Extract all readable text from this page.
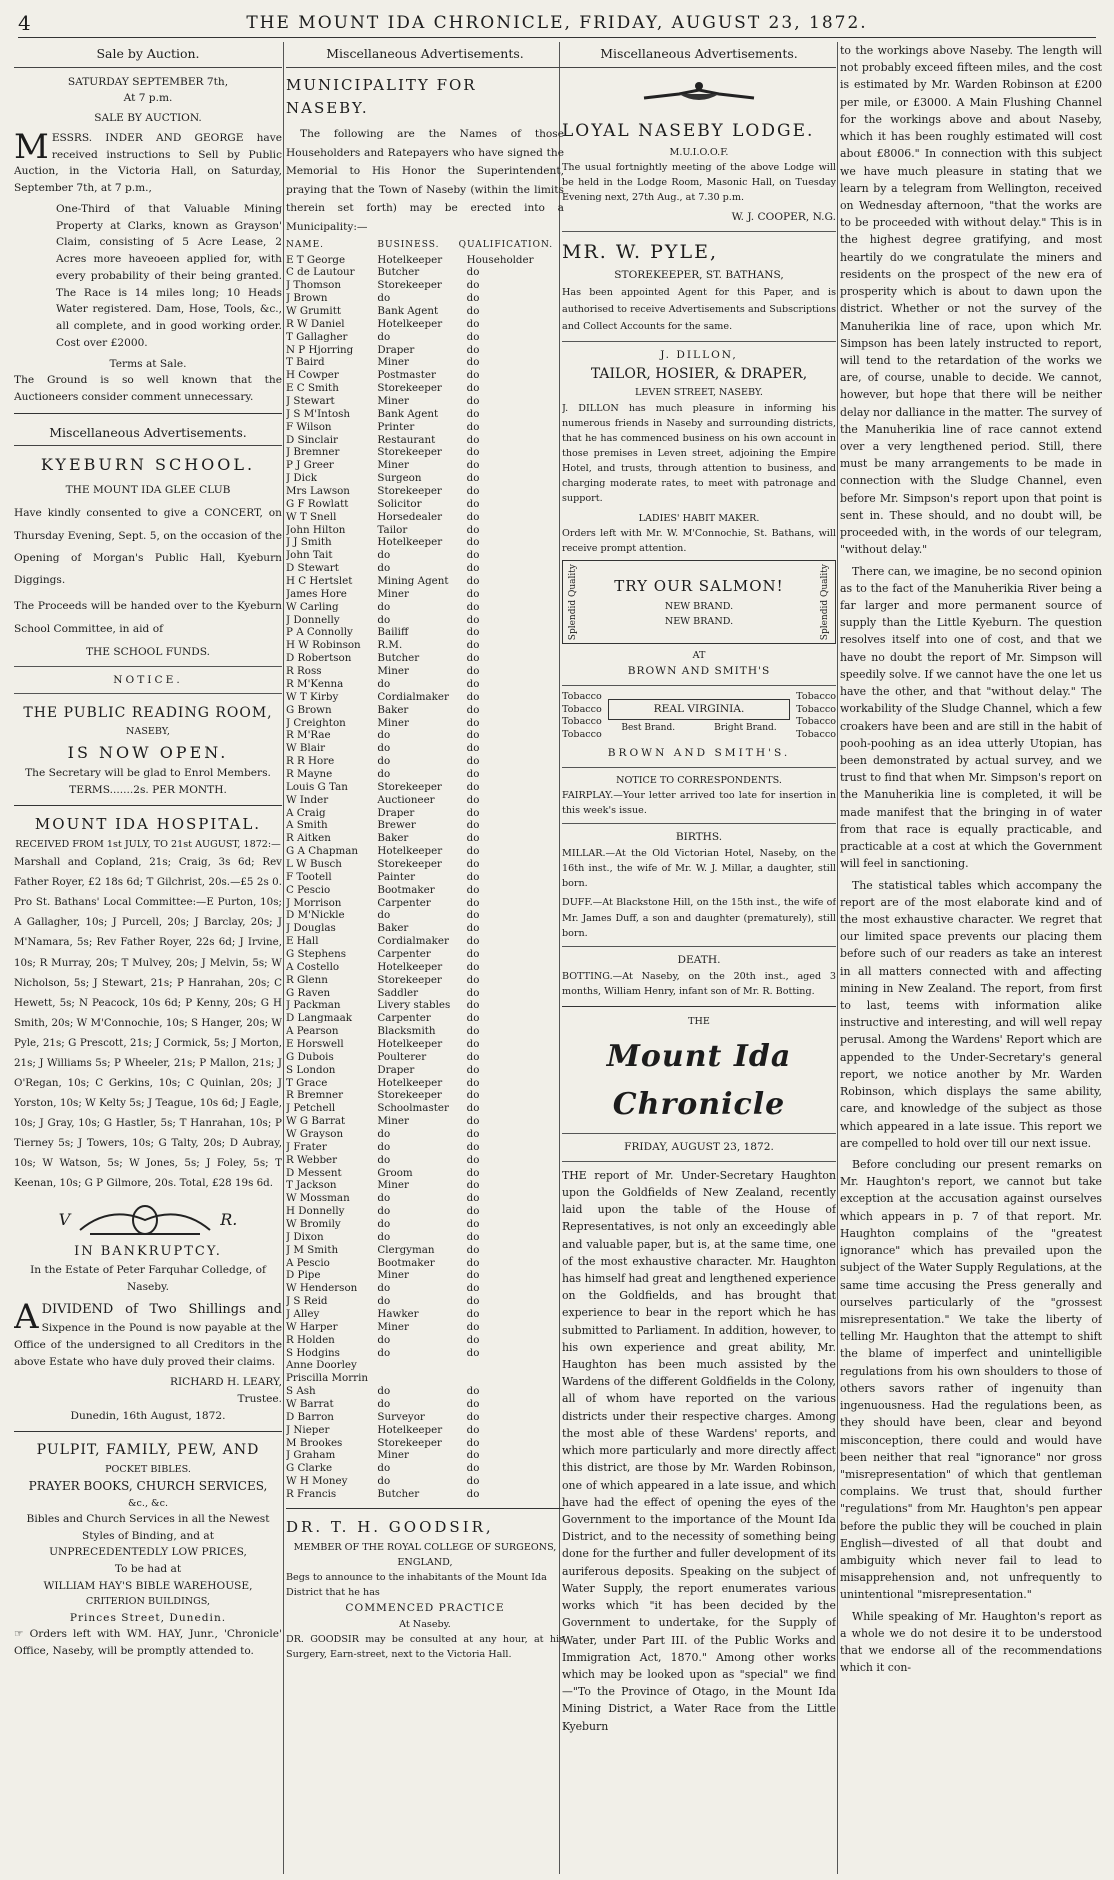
4	THE MOUNT IDA CHRONICLE, FRIDAY, AUGUST 23, 1872.
Sale by Auction.
SATURDAY SEPTEMBER 7th,
At 7 p.m.
SALE BY AUCTION.

MESSRS. INDER AND GEORGE have received instructions to Sell by Public Auction, in the Victoria Hall, on Saturday, September 7th, at 7 p.m.,

One-Third of that Valuable Mining Property at Clarks, known as Grayson' Claim, consisting of 5 Acre Lease, 2 Acres more haveoeen applied for, with every probability of their being granted. The Race is 14 miles long; 10 Heads Water registered. Dam, Hose, Tools, &c., all complete, and in good working order. Cost over £2000.

Terms at Sale.

The Ground is so well known that the Auctioneers consider comment unnecessary.

Miscellaneous Advertisements.
KYEBURN SCHOOL.
THE MOUNT IDA GLEE CLUB

Have kindly consented to give a CONCERT, on Thursday Evening, Sept. 5, on the occasion of the Opening of Morgan's Public Hall, Kyeburn Diggings.

The Proceeds will be handed over to the Kyeburn School Committee, in aid of

THE SCHOOL FUNDS.
NOTICE.
THE PUBLIC READING ROOM,
NASEBY,
IS NOW OPEN.
The Secretary will be glad to Enrol Members.
TERMS.......2s. PER MONTH.
MOUNT IDA HOSPITAL.
RECEIVED FROM 1st JULY, TO 21st AUGUST, 1872:—

Marshall and Copland, 21s; Craig, 3s 6d; Rev Father Royer, £2 18s 6d; T Gilchrist, 20s.—£5 2s 0. Pro St. Bathans' Local Committee:—E Purton, 10s; A Gallagher, 10s; J Purcell, 20s; J Barclay, 20s; J M'Namara, 5s; Rev Father Royer, 22s 6d; J Irvine, 10s; R Murray, 20s; T Mulvey, 20s; J Melvin, 5s; W Nicholson, 5s; J Stewart, 21s; P Hanrahan, 20s; C Hewett, 5s; N Peacock, 10s 6d; P Kenny, 20s; G H Smith, 20s; W M'Connochie, 10s; S Hanger, 20s; W Pyle, 21s; G Prescott, 21s; J Cormick, 5s; J Morton, 21s; J Williams 5s; P Wheeler, 21s; P Mallon, 21s; J O'Regan, 10s; C Gerkins, 10s; C Quinlan, 20s; J Yorston, 10s; W Kelty 5s; J Teague, 10s 6d; J Eagle, 10s; J Gray, 10s; G Hastler, 5s; T Hanrahan, 10s; P Tierney 5s; J Towers, 10s; G Talty, 20s; D Aubray, 10s; W Watson, 5s; W Jones, 5s; J Foley, 5s; T Keenan, 10s; G P Gilmore, 20s. Total, £28 19s 6d.

V	R.
IN BANKRUPTCY.

In the Estate of Peter Farquhar Colledge, of Naseby.

ADIVIDEND of Two Shillings and Sixpence in the Pound is now payable at the Office of the undersigned to all Creditors in the above Estate who have duly proved their claims.

RICHARD H. LEARY,
Trustee.
Dunedin, 16th August, 1872.
PULPIT, FAMILY, PEW, AND
POCKET BIBLES.
PRAYER BOOKS, CHURCH SERVICES,
&c., &c.
Bibles and Church Services in all the Newest Styles of Binding, and at
UNPRECEDENTEDLY LOW PRICES,
To be had at
WILLIAM HAY'S BIBLE WAREHOUSE,
CRITERION BUILDINGS,
Princes Street, Dunedin.

☞ Orders left with WM. HAY, Junr., 'Chronicle' Office, Naseby, will be promptly attended to.

Miscellaneous Advertisements.
MUNICIPALITY FOR NASEBY.

The following are the Names of those Householders and Ratepayers who have signed the Memorial to His Honor the Superintendent, praying that the Town of Naseby (within the limits therein set forth) may be erected into a Municipality:—

NAME.	BUSINESS.	QUALIFICATION.
E T George	Hotelkeeper	Householder
C de Lautour	Butcher	do
J Thomson	Storekeeper	do
J Brown	do	do
W Grumitt	Bank Agent	do
R W Daniel	Hotelkeeper	do
T Gallagher	do	do
N P Hjorring	Draper	do
T Baird	Miner	do
H Cowper	Postmaster	do
E C Smith	Storekeeper	do
J Stewart	Miner	do
J S M'Intosh	Bank Agent	do
F Wilson	Printer	do
D Sinclair	Restaurant	do
J Bremner	Storekeeper	do
P J Greer	Miner	do
J Dick	Surgeon	do
Mrs Lawson	Storekeeper	do
G F Rowlatt	Solicitor	do
W T Snell	Horsedealer	do
John Hilton	Tailor	do
J J Smith	Hotelkeeper	do
John Tait	do	do
D Stewart	do	do
H C Hertslet	Mining Agent	do
James Hore	Miner	do
W Carling	do	do
J Donnelly	do	do
P A Connolly	Bailiff	do
H W Robinson	R.M.	do
D Robertson	Butcher	do
R Ross	Miner	do
R M'Kenna	do	do
W T Kirby	Cordialmaker	do
G Brown	Baker	do
J Creighton	Miner	do
R M'Rae	do	do
W Blair	do	do
R R Hore	do	do
R Mayne	do	do
Louis G Tan	Storekeeper	do
W Inder	Auctioneer	do
A Craig	Draper	do
A Smith	Brewer	do
R Aitken	Baker	do
G A Chapman	Hotelkeeper	do
L W Busch	Storekeeper	do
F Tootell	Painter	do
C Pescio	Bootmaker	do
J Morrison	Carpenter	do
D M'Nickle	do	do
J Douglas	Baker	do
E Hall	Cordialmaker	do
G Stephens	Carpenter	do
A Costello	Hotelkeeper	do
R Glenn	Storekeeper	do
G Raven	Saddler	do
J Packman	Livery stables	do
D Langmaak	Carpenter	do
A Pearson	Blacksmith	do
E Horswell	Hotelkeeper	do
G Dubois	Poulterer	do
S London	Draper	do
T Grace	Hotelkeeper	do
R Bremner	Storekeeper	do
J Petchell	Schoolmaster	do
W G Barrat	Miner	do
W Grayson	do	do
J Frater	do	do
R Webber	do	do
D Messent	Groom	do
T Jackson	Miner	do
W Mossman	do	do
H Donnelly	do	do
W Bromily	do	do
J Dixon	do	do
J M Smith	Clergyman	do
A Pescio	Bootmaker	do
D Pipe	Miner	do
W Henderson	do	do
J S Reid	do	do
J Alley	Hawker	do
W Harper	Miner	do
R Holden	do	do
S Hodgins	do	do
Anne Doorley		
Priscilla Morrin		
S Ash	do	do
W Barrat	do	do
D Barron	Surveyor	do
J Nieper	Hotelkeeper	do
M Brookes	Storekeeper	do
J Graham	Miner	do
G Clarke	do	do
W H Money	do	do
R Francis	Butcher	do
DR. T. H. GOODSIR,
MEMBER OF THE ROYAL COLLEGE OF SURGEONS, ENGLAND,
Begs to announce to the inhabitants of the Mount Ida District that he has
COMMENCED PRACTICE
At Naseby.

DR. GOODSIR may be consulted at any hour, at his Surgery, Earn-street, next to the Victoria Hall.

Miscellaneous Advertisements.
LOYAL NASEBY LODGE.
M.U.I.O.O.F.

The usual fortnightly meeting of the above Lodge will be held in the Lodge Room, Masonic Hall, on Tuesday Evening next, 27th Aug., at 7.30 p.m.

W. J. COOPER, N.G.
MR. W. PYLE,
STOREKEEPER, ST. BATHANS,

Has been appointed Agent for this Paper, and is authorised to receive Advertisements and Subscriptions and Collect Accounts for the same.

J. DILLON,
TAILOR, HOSIER, & DRAPER,
LEVEN STREET, NASEBY.

J. DILLON has much pleasure in informing his numerous friends in Naseby and surrounding districts, that he has commenced business on his own account in those premises in Leven street, adjoining the Empire Hotel, and trusts, through attention to business, and charging moderate rates, to meet with patronage and support.

LADIES' HABIT MAKER.

Orders left with Mr. W. M'Connochie, St. Bathans, will receive prompt attention.

Splendid Quality	TRY OUR SALMON!
NEW BRAND.
NEW BRAND.	Splendid Quality
AT
BROWN AND SMITH'S
Tobacco
Tobacco
Tobacco
Tobacco
REAL VIRGINIA.
Best Brand.	Bright Brand.
Tobacco
Tobacco
Tobacco
Tobacco
BROWN AND SMITH'S.
NOTICE TO CORRESPONDENTS.

FAIRPLAY.—Your letter arrived too late for insertion in this week's issue.

BIRTHS.

MILLAR.—At the Old Victorian Hotel, Naseby, on the 16th inst., the wife of Mr. W. J. Millar, a daughter, still born.

DUFF.—At Blackstone Hill, on the 15th inst., the wife of Mr. James Duff, a son and daughter (prematurely), still born.

DEATH.

BOTTING.—At Naseby, on the 20th inst., aged 3 months, William Henry, infant son of Mr. R. Botting.

THE
Mount Ida Chronicle
FRIDAY, AUGUST 23, 1872.

THE report of Mr. Under-Secretary Haughton upon the Goldfields of New Zealand, recently laid upon the table of the House of Representatives, is not only an exceedingly able and valuable paper, but is, at the same time, one of the most exhaustive character. Mr. Haughton has himself had great and lengthened experience on the Goldfields, and has brought that experience to bear in the report which he has submitted to Parliament. In addition, however, to his own experience and great ability, Mr. Haughton has been much assisted by the Wardens of the different Goldfields in the Colony, all of whom have reported on the various districts under their respective charges. Among the most able of these Wardens' reports, and which more particularly and more directly affect this district, are those by Mr. Warden Robinson, one of which appeared in a late issue, and which have had the effect of opening the eyes of the Government to the importance of the Mount Ida District, and to the necessity of something being done for the further and fuller development of its auriferous deposits. Speaking on the subject of Water Supply, the report enumerates various works which "it has been decided by the Government to undertake, for the Supply of Water, under Part III. of the Public Works and Immigration Act, 1870." Among other works which may be looked upon as "special" we find—"To the Province of Otago, in the Mount Ida Mining District, a Water Race from the Little Kyeburn

to the workings above Naseby. The length will not probably exceed fifteen miles, and the cost is estimated by Mr. Warden Robinson at £200 per mile, or £3000. A Main Flushing Channel for the workings above and about Naseby, which it has been roughly estimated will cost about £8006." In connection with this subject we have much pleasure in stating that we learn by a telegram from Wellington, received on Wednesday afternoon, "that the works are to be proceeded with without delay." This is in the highest degree gratifying, and most heartily do we congratulate the miners and residents on the prospect of the new era of prosperity which is about to dawn upon the district. Whether or not the survey of the Manuherikia line of race, upon which Mr. Simpson has been lately instructed to report, will tend to the retardation of the works we are, of course, unable to decide. We cannot, however, but hope that there will be neither delay nor dalliance in the matter. The survey of the Manuherikia line of race cannot extend over a very lengthened period. Still, there must be many arrangements to be made in connection with the Sludge Channel, even before Mr. Simpson's report upon that point is sent in. These should, and no doubt will, be proceeded with, in the words of our telegram, "without delay."

There can, we imagine, be no second opinion as to the fact of the Manuherikia River being a far larger and more permanent source of supply than the Little Kyeburn. The question resolves itself into one of cost, and that we have no doubt the report of Mr. Simpson will speedily solve. If we cannot have the one let us have the other, and that "without delay." The workability of the Sludge Channel, which a few croakers have been and are still in the habit of pooh-poohing as an idea utterly Utopian, has been demonstrated by actual survey, and we trust to find that when Mr. Simpson's report on the Manuherikia line is completed, it will be made manifest that the bringing in of water from that race is equally practicable, and practicable at a cost at which the Government will feel in sanctioning.

The statistical tables which accompany the report are of the most elaborate kind and of the most exhaustive character. We regret that our limited space prevents our placing them before such of our readers as take an interest in all matters connected with and affecting mining in New Zealand. The report, from first to last, teems with information alike instructive and interesting, and will well repay perusal. Among the Wardens' Report which are appended to the Under-Secretary's general report, we notice another by Mr. Warden Robinson, which displays the same ability, care, and knowledge of the subject as those which appeared in a late issue. This report we are compelled to hold over till our next issue.

Before concluding our present remarks on Mr. Haughton's report, we cannot but take exception at the accusation against ourselves which appears in p. 7 of that report. Mr. Haughton complains of the "greatest ignorance" which has prevailed upon the subject of the Water Supply Regulations, at the same time accusing the Press generally and ourselves particularly of the "grossest misrepresentation." We take the liberty of telling Mr. Haughton that the attempt to shift the blame of imperfect and unintelligible regulations from his own shoulders to those of others savors rather of ingenuity than ingenuousness. Had the regulations been, as they should have been, clear and beyond misconception, there could and would have been neither that real "ignorance" nor gross "misrepresentation" of which that gentleman complains. We trust that, should further "regulations" from Mr. Haughton's pen appear before the public they will be couched in plain English—divested of all that doubt and ambiguity which never fail to lead to misapprehension and, not unfrequently to unintentional "misrepresentation."

While speaking of Mr. Haughton's report as a whole we do not desire it to be understood that we endorse all of the recommendations which it con-
